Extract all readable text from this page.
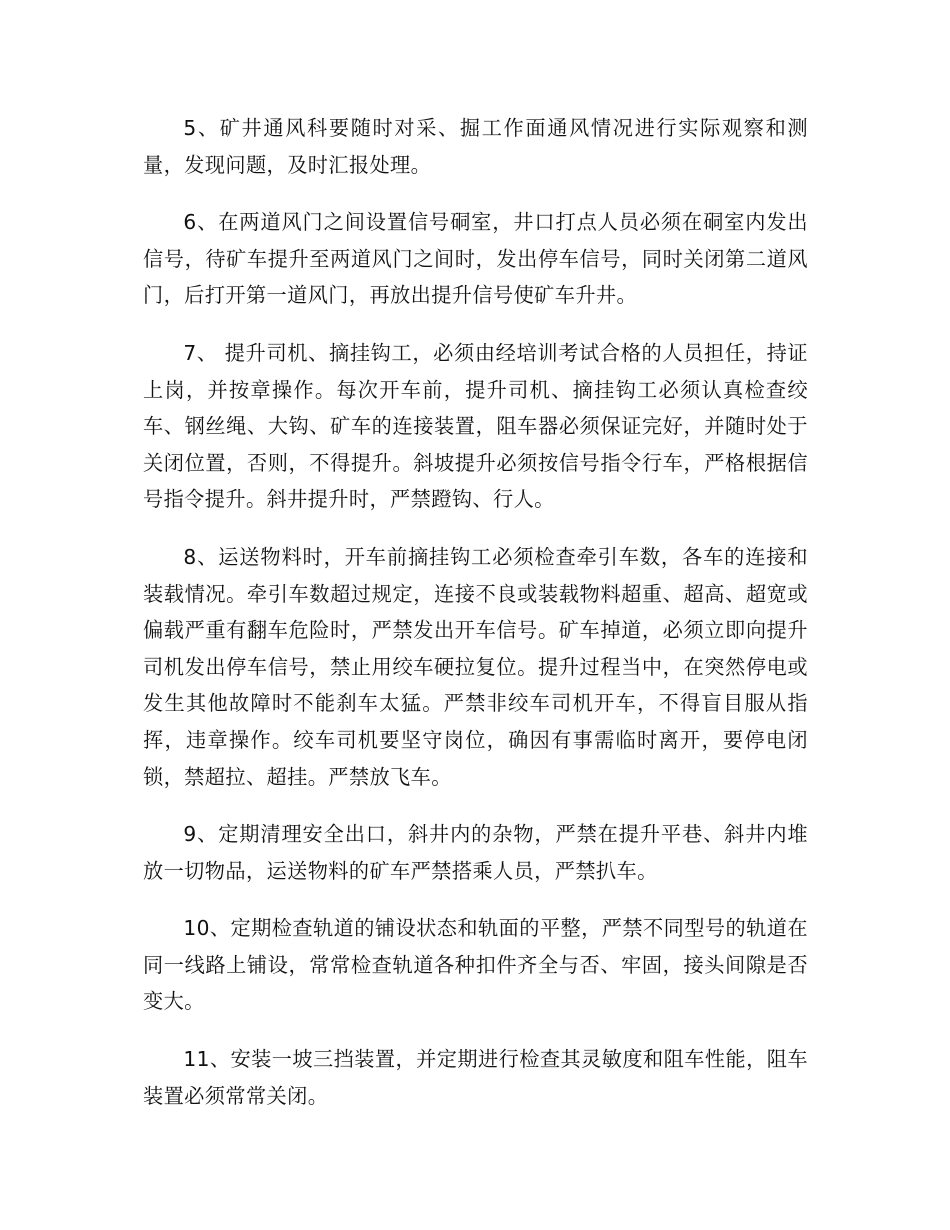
5、矿井通风科要随时对采、掘工作面通风情况进行实际观察和测量，发现问题，及时汇报处理。

6、在两道风门之间设置信号硐室，井口打点人员必须在硐室内发出信号，待矿车提升至两道风门之间时，发出停车信号，同时关闭第二道风门，后打开第一道风门，再放出提升信号使矿车升井。

7、 提升司机、摘挂钩工，必须由经培训考试合格的人员担任，持证上岗，并按章操作。每次开车前，提升司机、摘挂钩工必须认真检查绞车、钢丝绳、大钩、矿车的连接装置，阻车器必须保证完好，并随时处于关闭位置，否则，不得提升。斜坡提升必须按信号指令行车，严格根据信号指令提升。斜井提升时，严禁蹬钩、行人。

8、运送物料时，开车前摘挂钩工必须检查牵引车数，各车的连接和装载情况。牵引车数超过规定，连接不良或装载物料超重、超高、超宽或偏载严重有翻车危险时，严禁发出开车信号。矿车掉道，必须立即向提升司机发出停车信号，禁止用绞车硬拉复位。提升过程当中，在突然停电或发生其他故障时不能刹车太猛。严禁非绞车司机开车，不得盲目服从指挥，违章操作。绞车司机要坚守岗位，确因有事需临时离开，要停电闭锁，禁超拉、超挂。严禁放飞车。

9、定期清理安全出口，斜井内的杂物，严禁在提升平巷、斜井内堆放一切物品，运送物料的矿车严禁搭乘人员，严禁扒车。

10、定期检查轨道的铺设状态和轨面的平整，严禁不同型号的轨道在同一线路上铺设，常常检查轨道各种扣件齐全与否、牢固，接头间隙是否变大。

11、安装一坡三挡装置，并定期进行检查其灵敏度和阻车性能，阻车装置必须常常关闭。
